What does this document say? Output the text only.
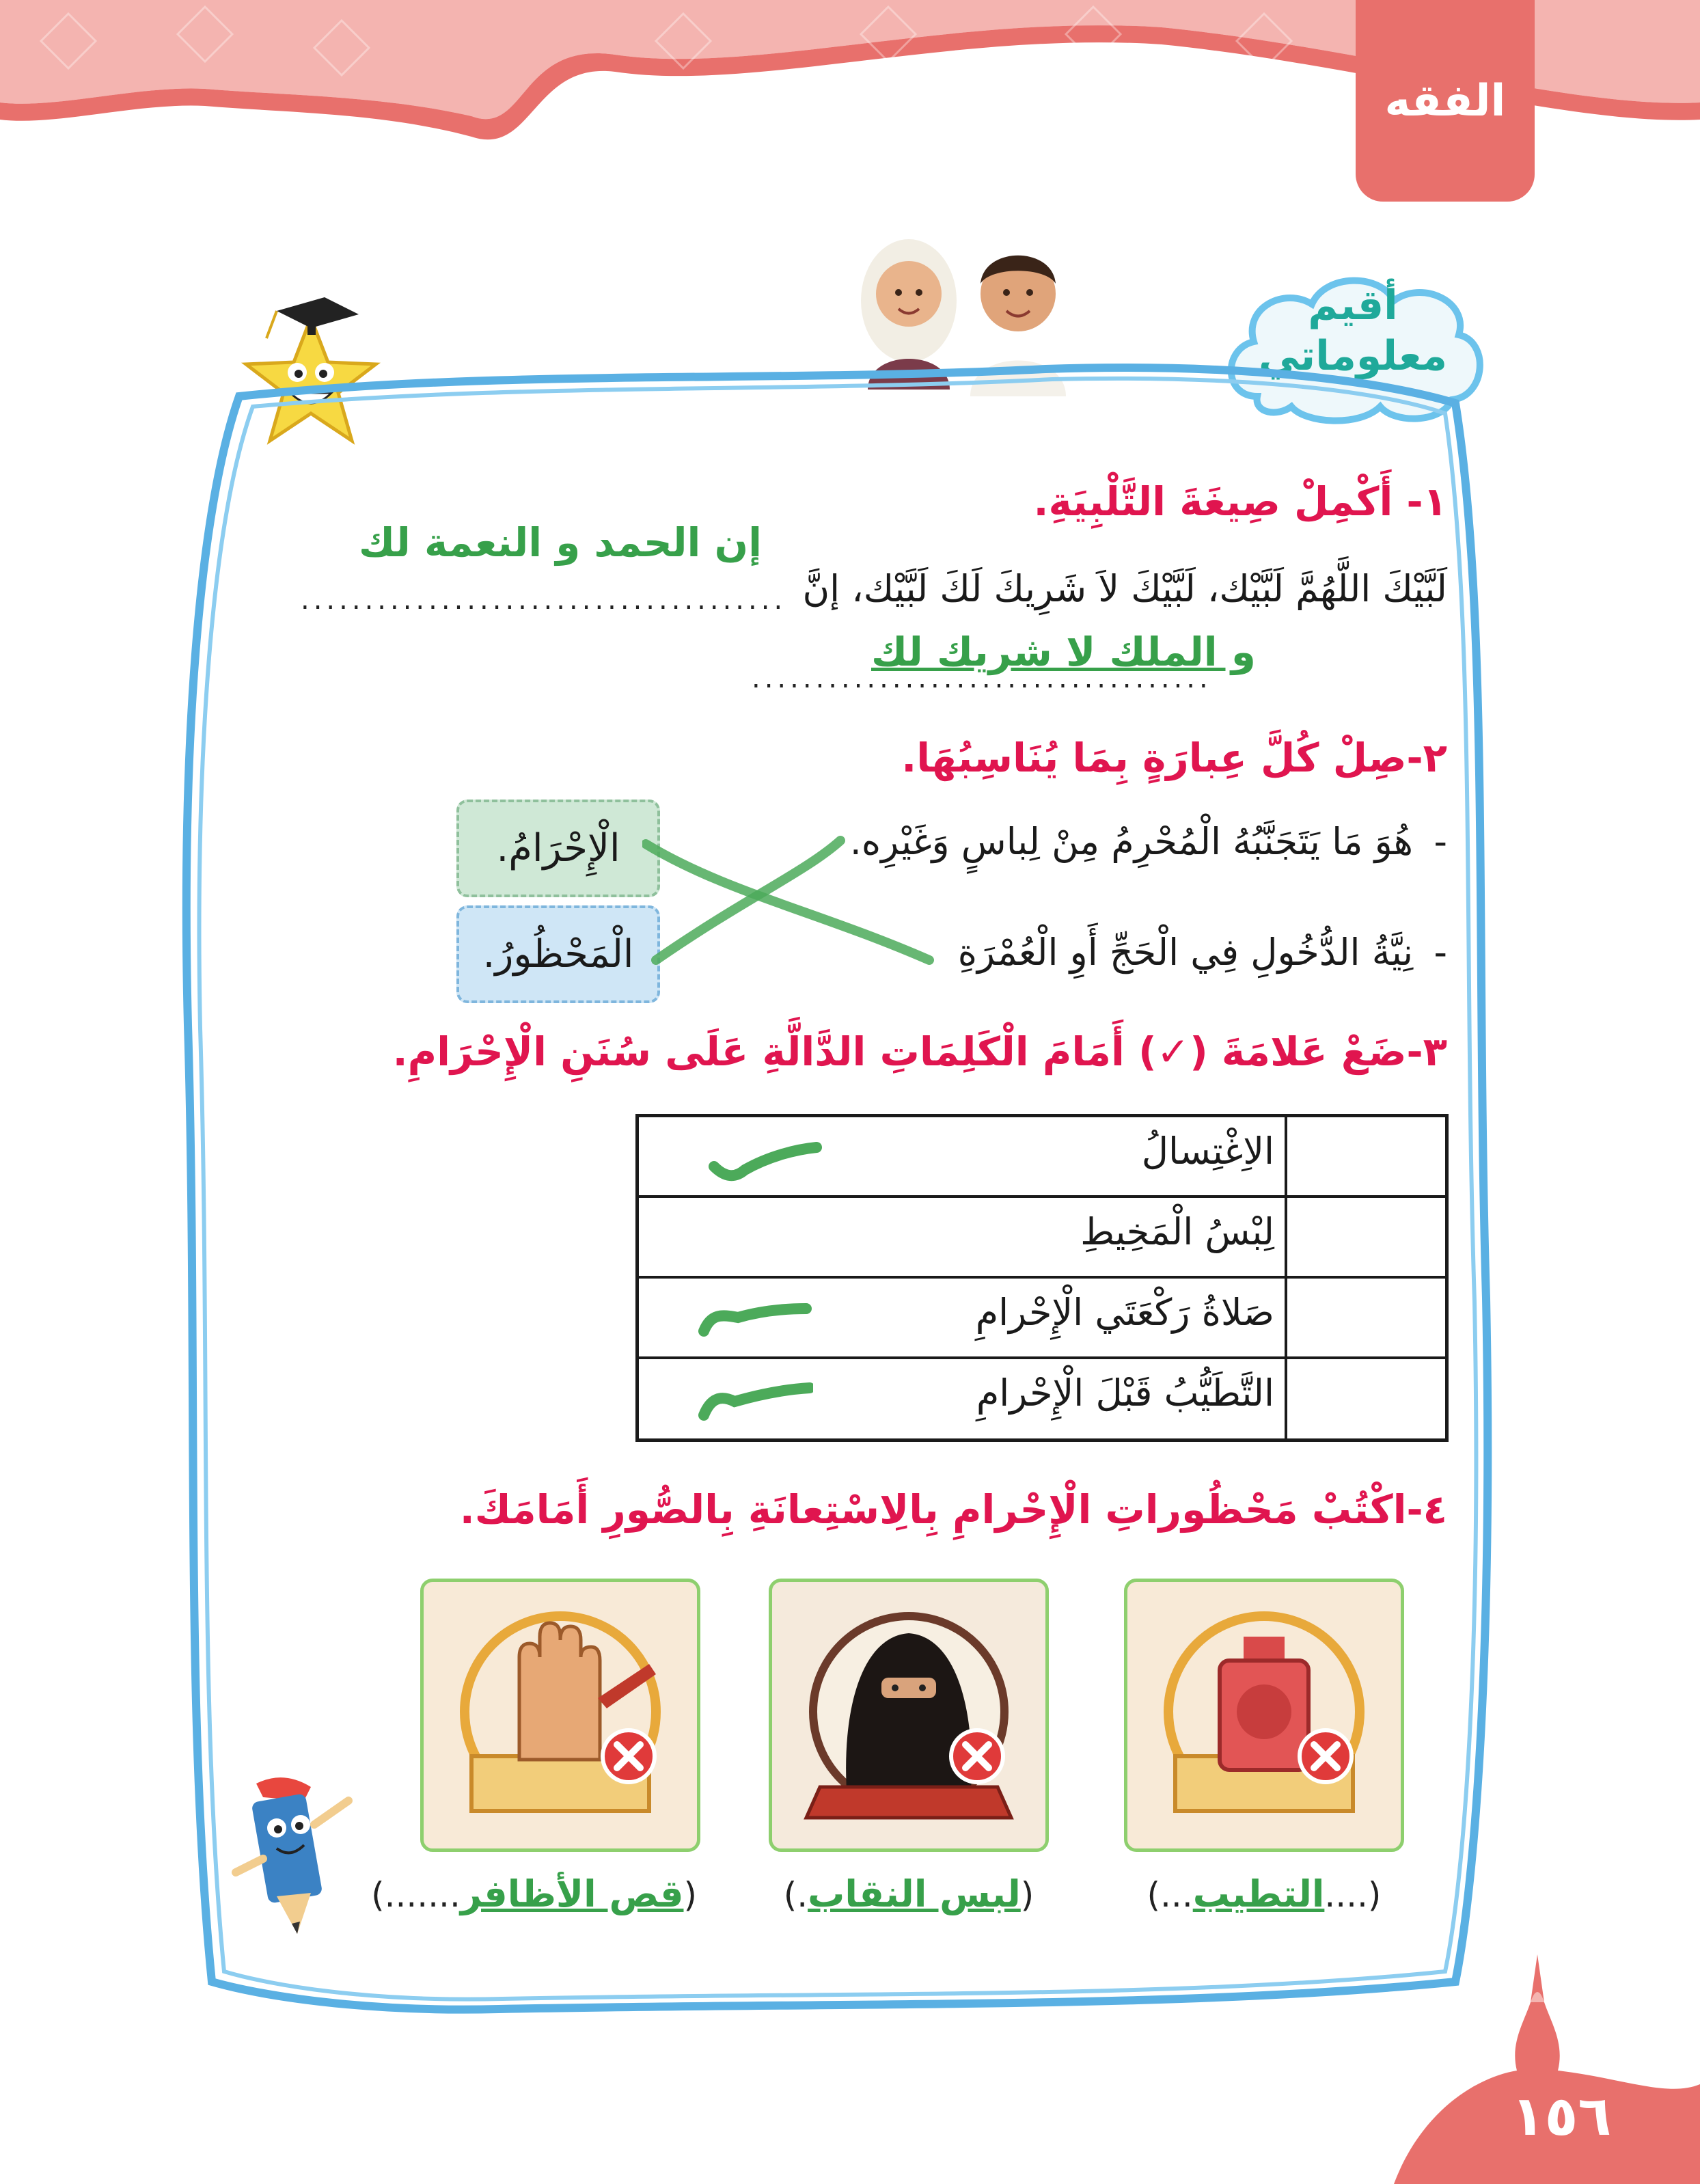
الفقه
أقيم
معلوماتي
١- أَكْمِلْ صِيغَةَ التَّلْبِيَةِ.
لَبَّيْكَ اللَّهُمَّ لَبَّيْك، لَبَّيْكَ لاَ شَرِيكَ لَكَ لَبَّيْك، إنَّ
......................................
إن الحمد و النعمة لك
....................................
و الملك لا شريك لك
٢-صِلْ كُلَّ عِبارَةٍ بِمَا يُنَاسِبُهَا.
-
هُوَ مَا يَتَجَنَّبُهُ الْمُحْرِمُ مِنْ لِباسٍ وَغَيْرِه.
-
نِيَّةُ الدُّخُولِ فِي الْحَجِّ أَوِ الْعُمْرَةِ
الْإِحْرَامُ.
الْمَحْظُورُ.
٣-ضَعْ عَلامَةَ (✓) أَمَامَ الْكَلِمَاتِ الدَّالَّةِ عَلَى سُنَنِ الْإِحْرَامِ.
الاِغْتِسالُ
لِبْسُ الْمَخِيطِ
صَلاةُ رَكْعَتَي الْإِحْرامِ
التَّطَيُّبُ قَبْلَ الْإِحْرامِ
٤-اكْتُبْ مَحْظُوراتِ الْإِحْرامِ بِالِاسْتِعانَةِ بِالصُّورِ أَمَامَكَ.
(....التطيب...)
(لبس النقاب.)
(قص الأظافر.......)
١٥٦
